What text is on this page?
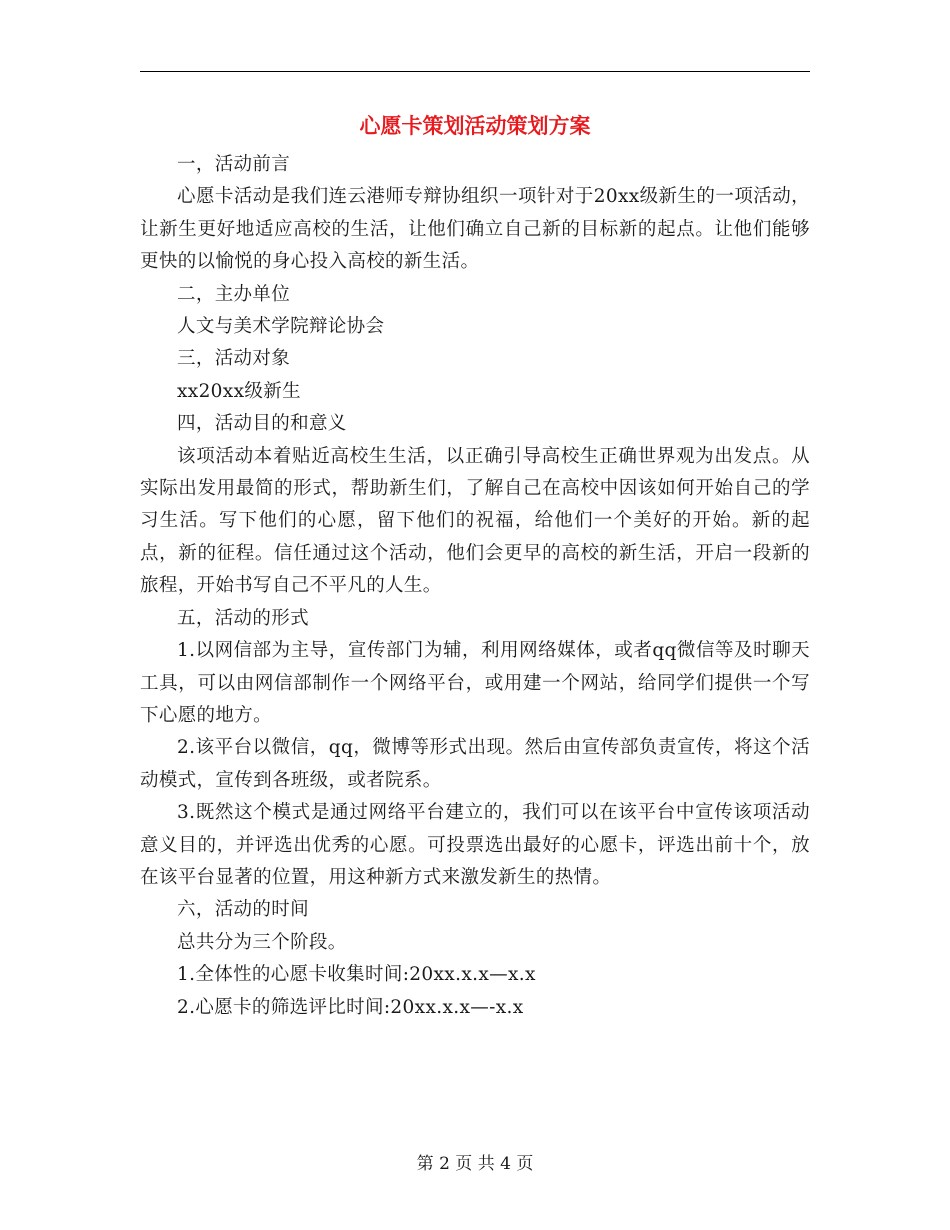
心愿卡策划活动策划方案

一，活动前言

心愿卡活动是我们连云港师专辩协组织一项针对于20xx级新生的一项活动，让新生更好地适应高校的生活，让他们确立自己新的目标新的起点。让他们能够更快的以愉悦的身心投入高校的新生活。

二，主办单位

人文与美术学院辩论协会

三，活动对象

xx20xx级新生

四，活动目的和意义

该项活动本着贴近高校生生活，以正确引导高校生正确世界观为出发点。从实际出发用最简的形式，帮助新生们，了解自己在高校中因该如何开始自己的学习生活。写下他们的心愿，留下他们的祝福，给他们一个美好的开始。新的起点，新的征程。信任通过这个活动，他们会更早的高校的新生活，开启一段新的旅程，开始书写自己不平凡的人生。

五，活动的形式

1.以网信部为主导，宣传部门为辅，利用网络媒体，或者qq微信等及时聊天工具，可以由网信部制作一个网络平台，或用建一个网站，给同学们提供一个写下心愿的地方。

2.该平台以微信，qq，微博等形式出现。然后由宣传部负责宣传，将这个活动模式，宣传到各班级，或者院系。

3.既然这个模式是通过网络平台建立的，我们可以在该平台中宣传该项活动意义目的，并评选出优秀的心愿。可投票选出最好的心愿卡，评选出前十个，放在该平台显著的位置，用这种新方式来激发新生的热情。

六，活动的时间

总共分为三个阶段。

1.全体性的心愿卡收集时间:20xx.x.x—x.x

2.心愿卡的筛选评比时间:20xx.x.x—-x.x

第 2 页 共 4 页
